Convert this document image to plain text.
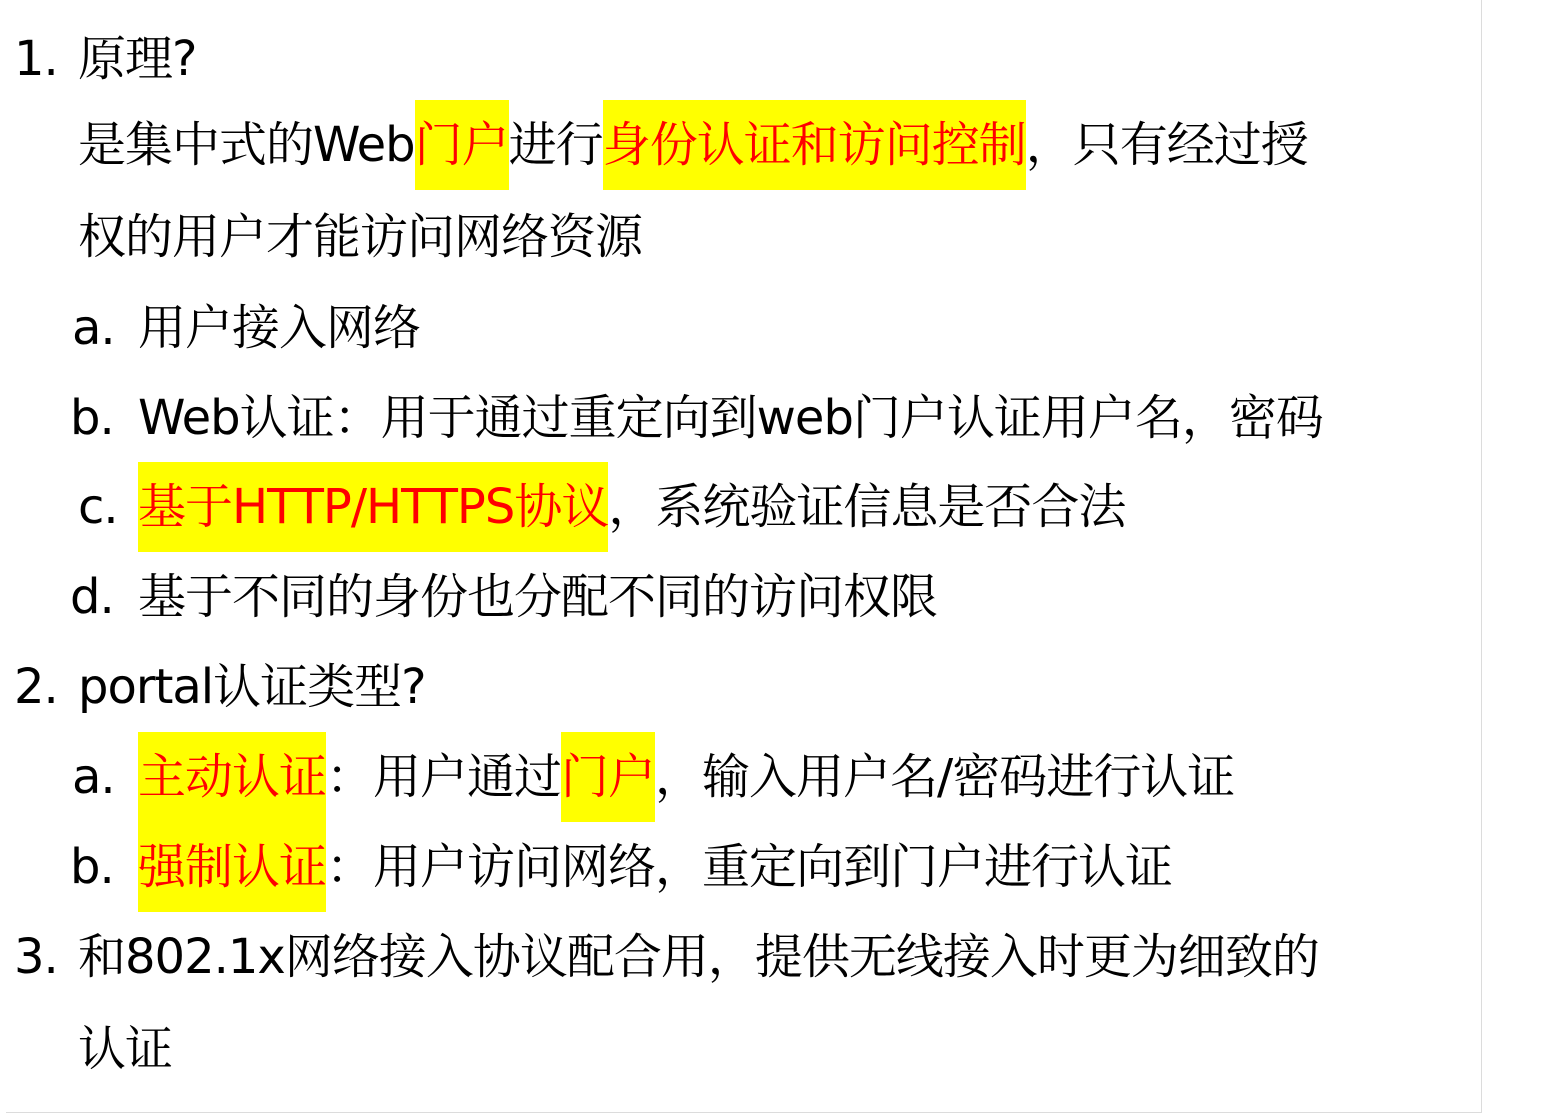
1. 原理?
是集中式的Web门户进行身份认证和访问控制，只有经过授
权的用户才能访问网络资源
a. 用户接入网络
b. Web认证：用于通过重定向到web门户认证用户名，密码
c. 基于HTTP/HTTPS协议，系统验证信息是否合法
d. 基于不同的身份也分配不同的访问权限
2. portal认证类型?
a. 主动认证：用户通过门户，输入用户名/密码进行认证
b. 强制认证：用户访问网络，重定向到门户进行认证
3. 和802.1x网络接入协议配合用，提供无线接入时更为细致的
认证
